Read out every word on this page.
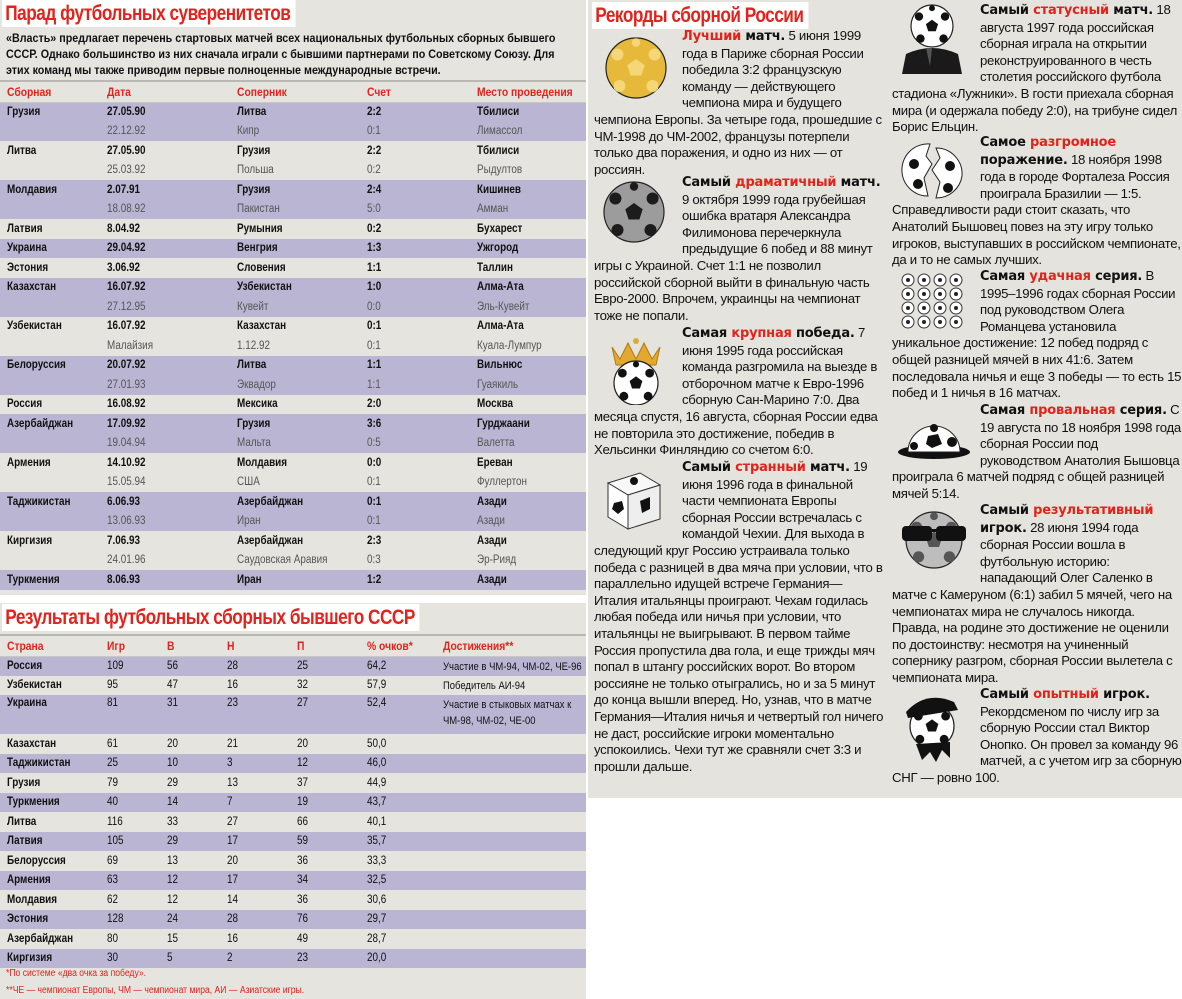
Парад футбольных суверенитетов
«Власть» предлагает перечень стартовых матчей всех национальных футбольных сборных бывшего СССР. Однако большинство из них сначала играли с бывшими партнерами по Советскому Союзу. Для этих команд мы также приводим первые полноценные международные встречи.
Сборная	Дата	Соперник	Счет	Место проведения
Грузия	27.05.90	Литва	2:2	Тбилиси
	22.12.92	Кипр	0:1	Лимассол
Литва	27.05.90	Грузия	2:2	Тбилиси
	25.03.92	Польша	0:2	Рыдултов
Молдавия	2.07.91	Грузия	2:4	Кишинев
	18.08.92	Пакистан	5:0	Амман
Латвия	8.04.92	Румыния	0:2	Бухарест
Украина	29.04.92	Венгрия	1:3	Ужгород
Эстония	3.06.92	Словения	1:1	Таллин
Казахстан	16.07.92	Узбекистан	1:0	Алма-Ата
	27.12.95	Кувейт	0:0	Эль-Кувейт
Узбекистан	16.07.92	Казахстан	0:1	Алма-Ата
	Малайзия	1.12.92	0:1	Куала-Лумпур
Белоруссия	20.07.92	Литва	1:1	Вильнюс
	27.01.93	Эквадор	1:1	Гуаякиль
Россия	16.08.92	Мексика	2:0	Москва
Азербайджан	17.09.92	Грузия	3:6	Гурджаани
	19.04.94	Мальта	0:5	Валетта
Армения	14.10.92	Молдавия	0:0	Ереван
	15.05.94	США	0:1	Фуллертон
Таджикистан	6.06.93	Азербайджан	0:1	Азади
	13.06.93	Иран	0:1	Азади
Киргизия	7.06.93	Азербайджан	2:3	Азади
	24.01.96	Саудовская Аравия	0:3	Эр-Рияд
Туркмения	8.06.93	Иран	1:2	Азади
Результаты футбольных сборных бывшего СССР
Страна	Игр	В	Н	П	% очков*	Достижения**
Россия	109	56	28	25	64,2	Участие в ЧМ-94, ЧМ-02, ЧЕ-96
Узбекистан	95	47	16	32	57,9	Победитель АИ-94
Украина	81	31	23	27	52,4	Участие в стыковых матчах к ЧМ-98, ЧМ-02, ЧЕ-00
Казахстан	61	20	21	20	50,0	
Таджикистан	25	10	3	12	46,0	
Грузия	79	29	13	37	44,9	
Туркмения	40	14	7	19	43,7	
Литва	116	33	27	66	40,1	
Латвия	105	29	17	59	35,7	
Белоруссия	69	13	20	36	33,3	
Армения	63	12	17	34	32,5	
Молдавия	62	12	14	36	30,6	
Эстония	128	24	28	76	29,7	
Азербайджан	80	15	16	49	28,7	
Киргизия	30	5	2	23	20,0	
*По системе «два очка за победу».
**ЧЕ — чемпионат Европы, ЧМ — чемпионат мира, АИ — Азиатские игры.
Рекорды сборной России

Лучший матч. 5 июня 1999 года в Париже сборная России победила 3:2 французскую команду — действующего чемпиона мира и будущего чемпиона Европы. За четыре года, прошедшие с ЧМ-1998 до ЧМ-2002, французы потерпели только два поражения, и одно из них — от россиян.

Самый драматичный матч. 9 октября 1999 года грубейшая ошибка вратаря Александра Филимонова перечеркнула предыдущие 6 побед и 88 минут игры с Украиной. Счет 1:1 не позволил российской сборной выйти в финальную часть Евро-2000. Впрочем, украинцы на чемпионат тоже не попали.

Самая крупная победа. 7 июня 1995 года российская команда разгромила на выезде в отборочном матче к Евро-1996 сборную Сан-Марино 7:0. Два месяца спустя, 16 августа, сборная России едва не повторила это достижение, победив в Хельсинки Финляндию со счетом 6:0.

Самый странный матч. 19 июня 1996 года в финальной части чемпионата Европы сборная России встречалась с командой Чехии. Для выхода в следующий круг Россию устраивала только победа с разницей в два мяча при условии, что в параллельно идущей встрече Германия—Италия итальянцы проиграют. Чехам годилась любая победа или ничья при условии, что итальянцы не выигрывают. В первом тайме Россия пропустила два гола, и еще трижды мяч попал в штангу российских ворот. Во втором россияне не только отыгрались, но и за 5 минут до конца вышли вперед. Но, узнав, что в матче Германия—Италия ничья и четвертый гол ничего не даст, российские игроки моментально успокоились. Чехи тут же сравняли счет 3:3 и прошли дальше.

Самый статусный матч. 18 августа 1997 года российская сборная играла на открытии реконструированного в честь столетия российского футбола стадиона «Лужники». В гости приехала сборная мира (и одержала победу 2:0), на трибуне сидел Борис Ельцин.

Самое разгромное поражение. 18 ноября 1998 года в городе Форталеза Россия проиграла Бразилии — 1:5. Справедливости ради стоит сказать, что Анатолий Бышовец повез на эту игру только игроков, выступавших в российском чемпионате, да и то не самых лучших.

Самая удачная серия. В 1995–1996 годах сборная России под руководством Олега Романцева установила уникальное достижение: 12 побед подряд с общей разницей мячей в них 41:6. Затем последовала ничья и еще 3 победы — то есть 15 побед и 1 ничья в 16 матчах.

Самая провальная серия. С 19 августа по 18 ноября 1998 года сборная России под руководством Анатолия Бышовца проиграла 6 матчей подряд с общей разницей мячей 5:14.

Самый результативный игрок. 28 июня 1994 года сборная России вошла в футбольную историю: нападающий Олег Саленко в матче с Камеруном (6:1) забил 5 мячей, чего на чемпионатах мира не случалось никогда. Правда, на родине это достижение не оценили по достоинству: несмотря на учиненный сопернику разгром, сборная России вылетела с чемпионата мира.

Самый опытный игрок. Рекордсменом по числу игр за сборную России стал Виктор Онопко. Он провел за команду 96 матчей, а с учетом игр за сборную СНГ — ровно 100.
